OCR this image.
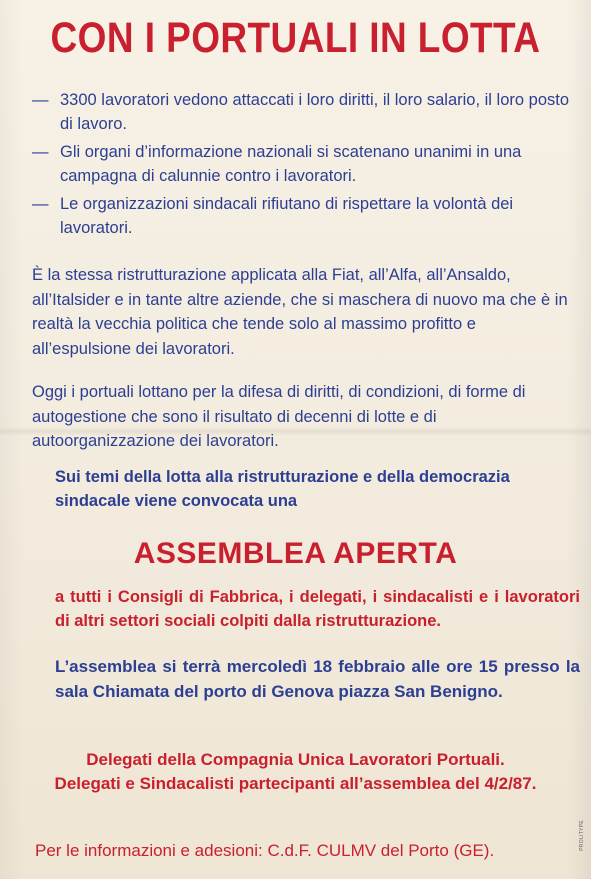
CON I PORTUALI IN LOTTA
— 3300 lavoratori vedono attaccati i loro diritti, il loro salario, il loro posto di lavoro.
— Gli organi d’informazione nazionali si scatenano unanimi in una campagna di calunnie contro i lavoratori.
— Le organizzazioni sindacali rifiutano di rispettare la volontà dei lavoratori.
È la stessa ristrutturazione applicata alla Fiat, all’Alfa, all’Ansaldo, all’Italsider e in tante altre aziende, che si maschera di nuovo ma che è in realtà la vecchia politica che tende solo al massimo profitto e all’espulsione dei lavoratori.
Oggi i portuali lottano per la difesa di diritti, di condizioni, di forme di autogestione che sono il risultato di decenni di lotte e di autoorganizzazione dei lavoratori.
Sui temi della lotta alla ristrutturazione e della democrazia sindacale viene convocata una
ASSEMBLEA APERTA
a tutti i Consigli di Fabbrica, i delegati, i sindacalisti e i lavoratori di altri settori sociali colpiti dalla ristrutturazione.
L’assemblea si terrà mercoledì 18 febbraio alle ore 15 presso la sala Chiamata del porto di Genova piazza San Benigno.
Delegati della Compagnia Unica Lavoratori Portuali.
Delegati e Sindacalisti partecipanti all’assemblea del 4/2/87.
Per le informazioni e adesioni: C.d.F. CULMV del Porto (GE).	PROLITYPE
